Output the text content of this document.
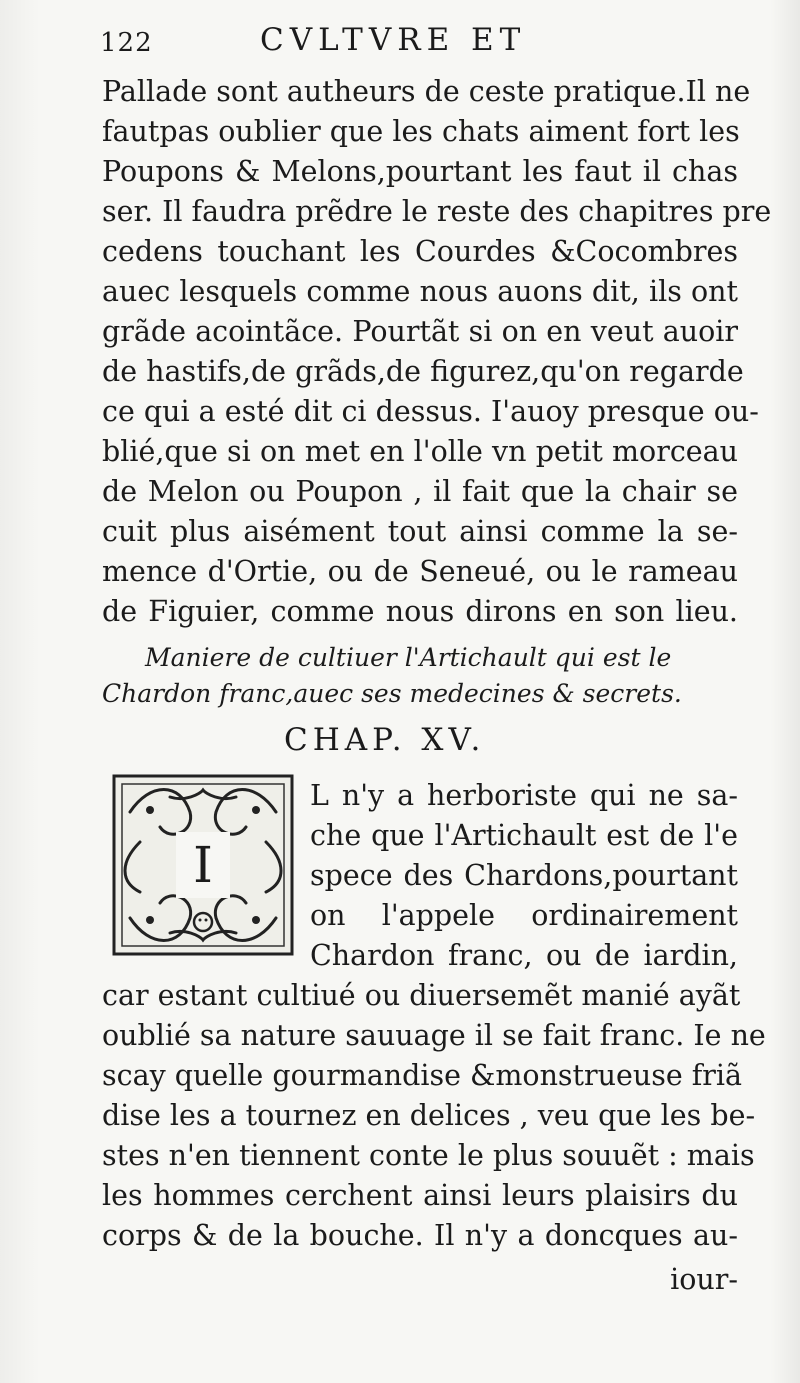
122	CVLTVRE ET
Pallade sont autheurs de ceste pratique.Il ne
fautpas oublier que les chats aiment fort les
Poupons & Melons,pourtant les faut il chas
ser. Il faudra prẽdre le reste des chapitres pre
cedens touchant les Courdes &Cocombres
auec lesquels comme nous auons dit, ils ont
grãde acointãce. Pourtãt si on en veut auoir
de hastifs,de grãds,de figurez,qu'on regarde
ce qui a esté dit ci dessus. I'auoy presque ou-
blié,que si on met en l'olle vn petit morceau
de Melon ou Poupon , il fait que la chair se
cuit plus aisément tout ainsi comme la se-
mence d'Ortie, ou de Seneué, ou le rameau
de Figuier, comme nous dirons en son lieu.
Maniere de cultiuer l'Artichault qui est le
Chardon franc,auec ses medecines & secrets.
CHAP. XV.
I
L n'y a herboriste qui ne sa-
che que l'Artichault est de l'e
spece des Chardons,pourtant
on l'appele ordinairement
Chardon franc, ou de iardin,
car estant cultiué ou diuersemẽt manié ayãt
oublié sa nature sauuage il se fait franc. Ie ne
scay quelle gourmandise &monstrueuse friã
dise les a tournez en delices , veu que les be-
stes n'en tiennent conte le plus souuẽt : mais
les hommes cerchent ainsi leurs plaisirs du
corps & de la bouche. Il n'y a doncques au-
iour-
